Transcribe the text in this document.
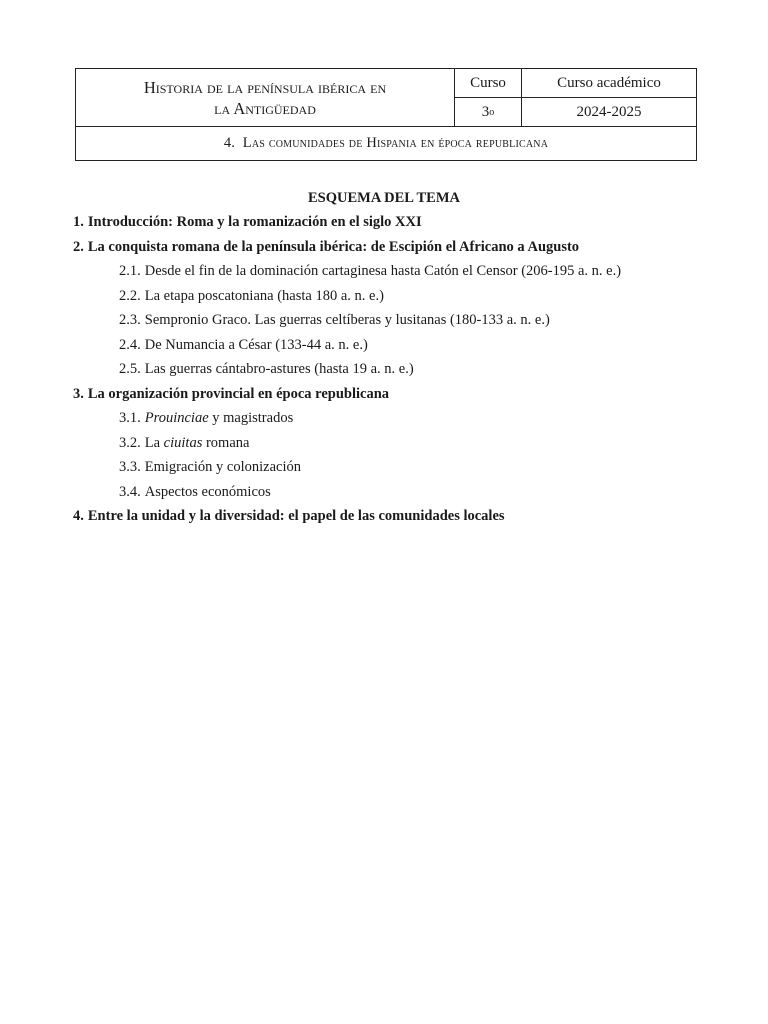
Historia de la península ibérica en
la Antigüedad	Curso	Curso académico
	3$^o$	2024-2025
4. Las comunidades de Hispania en época republicana		
ESQUEMA DEL TEMA
1. Introducción: Roma y la romanización en el siglo XXI
2. La conquista romana de la península ibérica: de Escipión el Africano a Augusto
2.1. Desde el fin de la dominación cartaginesa hasta Catón el Censor (206-195 a. n. e.)
2.2. La etapa poscatoniana (hasta 180 a. n. e.)
2.3. Sempronio Graco. Las guerras celtíberas y lusitanas (180-133 a. n. e.)
2.4. De Numancia a César (133-44 a. n. e.)
2.5. Las guerras cántabro-astures (hasta 19 a. n. e.)
3. La organización provincial en época republicana
3.1. Prouinciae y magistrados
3.2. La ciuitas romana
3.3. Emigración y colonización
3.4. Aspectos económicos
4. Entre la unidad y la diversidad: el papel de las comunidades locales
